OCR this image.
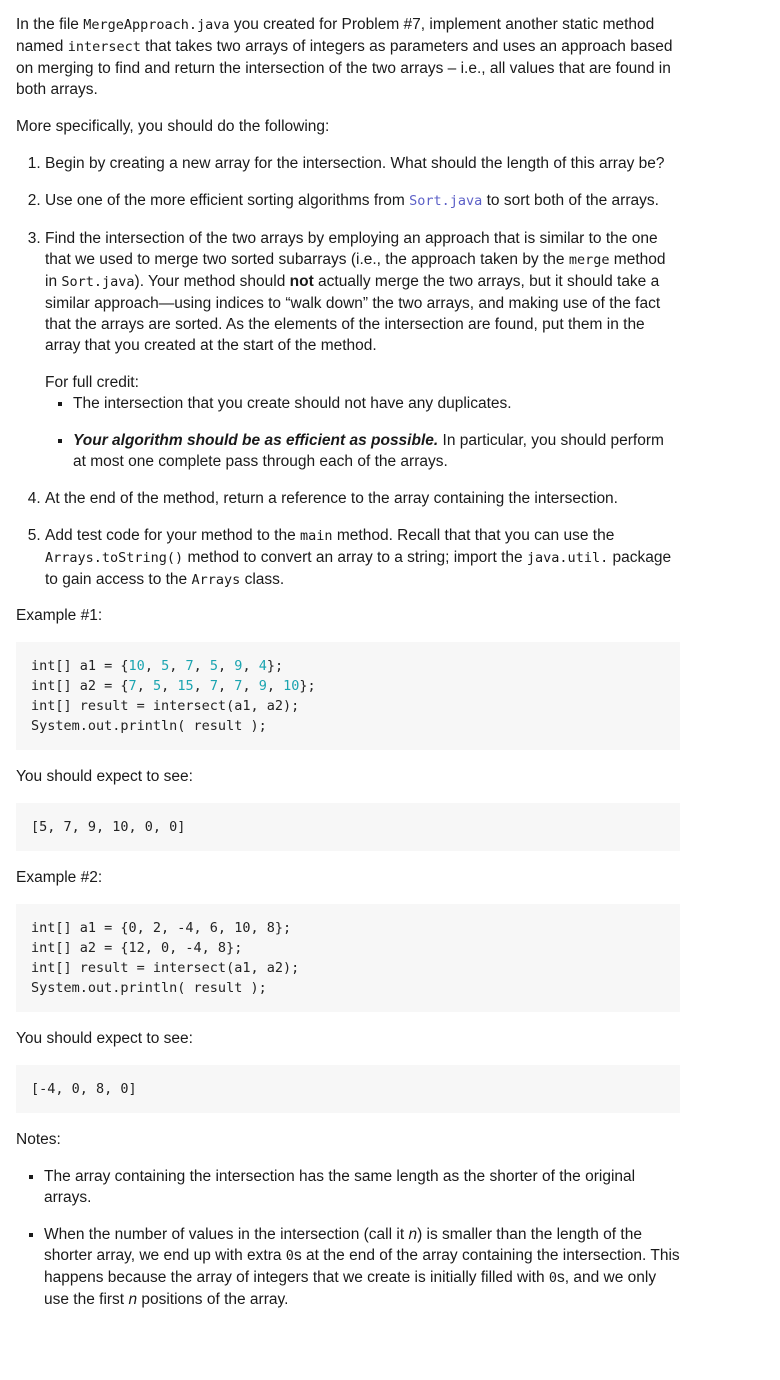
In the file MergeApproach.java you created for Problem #7, implement another static method named intersect that takes two arrays of integers as parameters and uses an approach based on merging to find and return the intersection of the two arrays – i.e., all values that are found in both arrays.

More specifically, you should do the following:

1. Begin by creating a new array for the intersection. What should the length of this array be?
2. Use one of the more efficient sorting algorithms from Sort.java to sort both of the arrays.

3. Find the intersection of the two arrays by employing an approach that is similar to the one that we used to merge two sorted subarrays (i.e., the approach taken by the merge method in Sort.java). Your method should not actually merge the two arrays, but it should take a similar approach—using indices to “walk down” the two arrays, and making use of the fact that the arrays are sorted. As the elements of the intersection are found, put them in the array that you created at the start of the method.

For full credit:

▪ The intersection that you create should not have any duplicates.
▪ Your algorithm should be as efficient as possible. In particular, you should perform at most one complete pass through each of the arrays.
4. At the end of the method, return a reference to the array containing the intersection.
5. Add test code for your method to the main method. Recall that that you can use the Arrays.toString() method to convert an array to a string; import the java.util. package to gain access to the Arrays class.

Example #1:

int[] a1 = {10, 5, 7, 5, 9, 4};
int[] a2 = {7, 5, 15, 7, 7, 9, 10};
int[] result = intersect(a1, a2);
System.out.println( result );

You should expect to see:

[5, 7, 9, 10, 0, 0]

Example #2:

int[] a1 = {0, 2, -4, 6, 10, 8};
int[] a2 = {12, 0, -4, 8};
int[] result = intersect(a1, a2);
System.out.println( result );

You should expect to see:

[-4, 0, 8, 0]

Notes:

▪ The array containing the intersection has the same length as the shorter of the original arrays.
▪ When the number of values in the intersection (call it n) is smaller than the length of the shorter array, we end up with extra 0s at the end of the array containing the intersection. This happens because the array of integers that we create is initially filled with 0s, and we only use the first n positions of the array.
